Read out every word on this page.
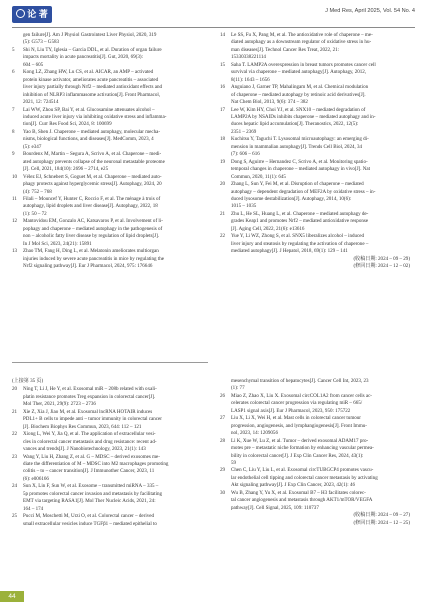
论 著	J Med Res, April 2025, Vol. 54 No. 4
gen failure[J]. Am J Physiol Gastrointest Liver Physiol, 2020, 319
(5): G573 – G583
5	Shi N, Liu TY, Iglesia – Garcia DDL, et al. Duration of organ failure
impacts mortality in acute pancreatitis[J]. Gut, 2020, 69(3):
604 – 605
6	Kong LZ, Zhang HW, Lu CS, et al. AICAR, an AMP – activated
protein kinase activator, ameliorates acute pancreatitis – associated
liver injury partially through Nrf2 – mediated antioxidant effects and
inhibition of NLRP3 inflammasome activation[J]. Front Pharmacol,
2021, 12: 724514
7	Lai WW, Zhou SP, Bai Y, et al. Glucosamine attenuates alcohol –
induced acute liver injury via inhibiting oxidative stress and inflamma-
tion[J]. Curr Res Food Sci, 2024, 8: 100699
8	Yao B, Shen J. Chaperone – mediated autophagy, molecular mecha-
nisms, biological functions, and diseases[J]. MedComm, 2023, 4
(5): e347
9	Bourdenx M, Martin – Segura A, Scrivo A, et al. Chaperone – medi-
ated autophagy prevents collapse of the neuronal metastable proteome
[J]. Cell, 2021, 184(10): 2696 – 2714, e25
10	Vélez EJ, Schnebert S, Goguet M, et al. Chaperone – mediated auto-
phagy protects against hyperglycemic stress[J]. Autophagy, 2024, 20
(4): 752 – 768
11	Filali – Mouncef Y, Hunter C, Roccio F, et al. The ménage à trois of
autophagy, lipid droplets and liver disease[J]. Autophagy, 2022, 18
(1): 50 – 72
12	Mantovidou EM, Gonzalo AC, Katsavaros P, et al. Involvement of li-
pophagy and chaperone – mediated autophagy in the pathogenesis of
non – alcoholic fatty liver disease by regulation of lipid droplets[J].
In J Mol Sci, 2023, 24(21): 15891
13	Zhao TM, Fang H, Ding L, et al. Melatonin ameliorates multiorgan
injuries induced by severe acute pancreatitis in mice by regulating the
Nrf2 signaling pathway[J]. Eur J Pharmacol, 2024, 975: 176646
14	Le SS, Fu X, Pang M, et al. The antioxidative role of chaperone – me-
diated autophagy as a downstream regulator of oxidative stress in hu-
man diseases[J]. Technol Cancer Res Treat, 2022, 21:
15330338221114
15	Saha T. LAMP2A overexpression in breast tumors promotes cancer cell
survival via chaperone – mediated autophagy[J]. Autophagy, 2012,
8(11): 1643 – 1656
16	Anguiano J, Garner TP, Mahalingam M, et al. Chemical modulation
of chaperone – mediated autophagy by retinoic acid derivatives[J].
Nat Chem Biol, 2013, 9(6): 374 – 382
17	Lee W, Kim HY, Choi YJ, et al. SNX10 – mediated degradation of
LAMP2A by NSAIDs inhibits chaperone – mediated autophagy and in-
duces hepatic lipid accumulation[J]. Theranostics, 2022, 12(5):
2351 – 2369
18	Kuchitsu Y, Taguchi T. Lysosomal microautophagy: an emerging di-
mension in mammalian autophagy[J]. Trends Cell Biol, 2024, 34
(7): 606 – 616
19	Dong S, Aguirre – Hernandez C, Scrivo A, et al. Monitoring spatio-
temporal changes in chaperone – mediated autophagy in vivo[J]. Nat
Commun, 2020, 11(1): 645
20	Zhang L, Sun Y, Fei M, et al. Disruption of chaperone – mediated
autophagy – dependent degradation of MEF2A by oxidative stress – in-
duced lysosome destabilization[J]. Autophagy, 2014, 10(6):
1015 – 1035
21	Zhu L, He SL, Huang L, et al. Chaperone – mediated autophagy de-
grades Keap1 and promotes Nrf2 – mediated antioxidative response
[J]. Aging Cell, 2022, 21(6): e13616
22	Yue Y, Li WZ, Zhong S, et al. SNX5 liberalizes alcohol – induced
liver injury and steatosis by regulating the activation of chaperone –
mediated autophagy[J]. J Hepatol, 2018, 69(1): 129 – 141
(收稿日期: 2024 – 09 – 29)
(修回日期: 2024 – 12 – 02)
(上接第 35 页)
20	Ning T, Li J, He Y, et al. Exosomal miR – 208b related with oxali-
platin resistance promotes Treg expansion in colorectal cancer[J].
Mol Ther, 2021, 29(9): 2723 – 2736
21	Xie Z, Xia J, Jiao M, et al. Exosomal lncRNA HOTAIR induces
PDL1+ B cells to impede anti – tumor immunity in colorectal cancer
[J]. Biochem Biophys Res Commun, 2023, 644: 112 – 121
22	Xiong L, Wei Y, Jia Q, et al. The application of extracellular vesi-
cles in colorectal cancer metastasis and drug resistance: recent ad-
vances and trends[J]. J Nanobiotechnology, 2023, 21(1): 143
23	Wang Y, Liu H, Zhang Z, et al. G – MDSC – derived exosomes me-
diate the differentiation of M – MDSC into M2 macrophages promoting
colitis – to – cancer transition[J]. J Immunother Cancer, 2023, 11
(6): e006166
24	Sun X, Lin F, Sun W, et al. Exosome – transmitted miRNA – 335 –
5p promotes colorectal cancer invasion and metastasis by facilitating
EMT via targeting RASA1[J]. Mol Ther Nucleic Acids, 2021, 24:
164 – 174
25	Pucci M, Moschetti M, Urzi O, et al. Colorectal cancer – derived
small extracellular vesicles induce TGFβ1 – mediated epithelial to
mesenchymal transition of hepatocytes[J]. Cancer Cell Int, 2023, 23
(1): 77
26	Miao Z, Zhao X, Liu X. Exosomal circCOL1A2 from cancer cells ac-
celerates colorectal cancer progression via regulating miR – 665/
LASP1 signal axis[J]. Eur J Pharmacol, 2023, 950: 175722
27	Liu X, Li X, Wei H, et al. Mast cells in colorectal cancer tumour
progression, angiogenesis, and lymphangiogenesis[J]. Front Immu-
nol, 2023, 14: 1209056
28	Li K, Xue W, Lu Z, et al. Tumor – derived exosomal ADAM17 pro-
motes pre – metastatic niche formation by enhancing vascular permea-
bility in colorectal cancer[J]. J Exp Clin Cancer Res, 2024, 43(1):
59
29	Chen C, Liu Y, Liu L, et al. Exosomal circTUBGCP4 promotes vascu-
lar endothelial cell tipping and colorectal cancer metastasis by activating
Akt signaling pathway[J]. J Exp Clin Cancer, 2023, 42(1): 46
30	Wu B, Zhang Y, Yu X, et al. Exosomal B7 – H3 facilitates colorec-
tal cancer angiogenesis and metastasis through AKT1/mTOR/VEGFA
pathway[J]. Cell Signal, 2025, 109: 110737
(收稿日期: 2024 – 09 – 27)
(修回日期: 2024 – 12 – 25)
44
